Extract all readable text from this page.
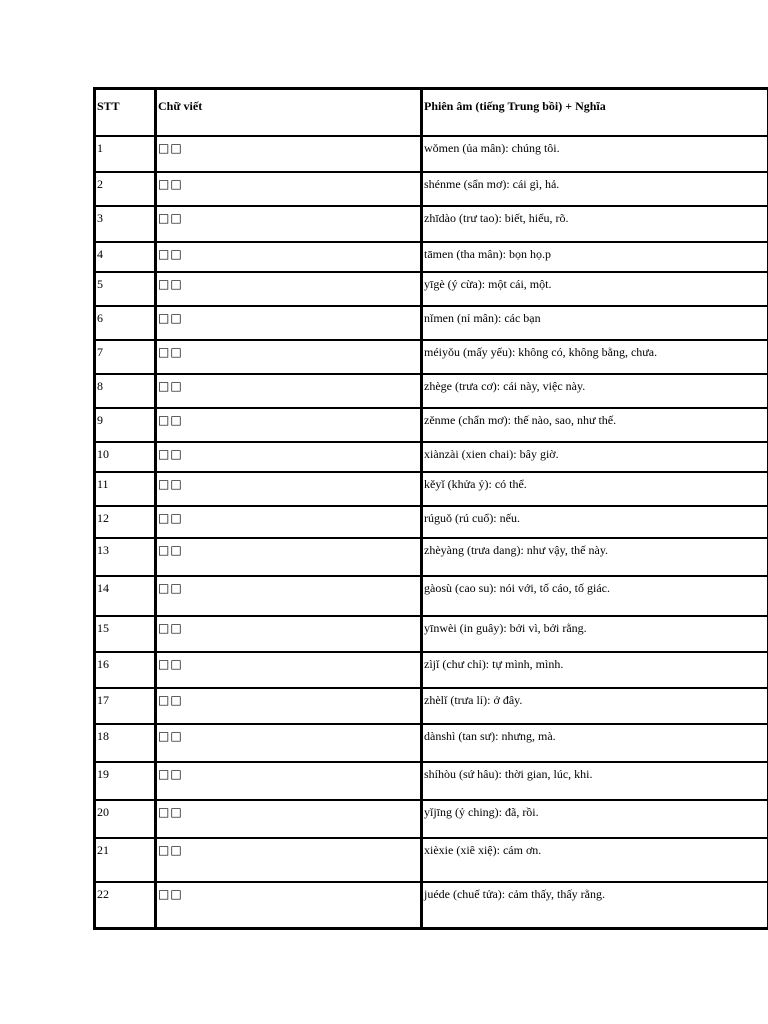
STT	Chữ viết	Phiên âm (tiếng Trung bồi) + Nghĩa
1	□□	wǒmen (ủa mân): chúng tôi.
2	□□	shénme (sẩn mơ): cái gì, hả.
3	□□	zhīdào (trư tao): biết, hiểu, rõ.
4	□□	tāmen (tha mân): bọn họ.p
5	□□	yīgè (ý cừa): một cái, một.
6	□□	nǐmen (nỉ mân): các bạn
7	□□	méiyǒu (mấy yếu): không có, không bằng, chưa.
8	□□	zhège (trưa cơ): cái này, việc này.
9	□□	zěnme (chẩn mơ): thế nào, sao, như thế.
10	□□	xiànzài (xien chai): bây giờ.
11	□□	kěyǐ (khửa ỷ): có thể.
12	□□	rúguǒ (rú cuổ): nếu.
13	□□	zhèyàng (trưa dang): như vậy, thế này.
14	□□	gàosù (cao su): nói với, tố cáo, tố giác.
15	□□	yīnwèi (in guây): bởi vì, bởi rằng.
16	□□	zìjǐ (chư chỉ): tự mình, mình.
17	□□	zhèlǐ (trưa lỉ): ở đây.
18	□□	dànshì (tan sư): nhưng, mà.
19	□□	shíhòu (sứ hâu): thời gian, lúc, khi.
20	□□	yǐjīng (ỷ ching): đã, rồi.
21	□□	xièxie (xiê xiệ): cám ơn.
22	□□	juéde (chuế tửa): cảm thấy, thấy rằng.
